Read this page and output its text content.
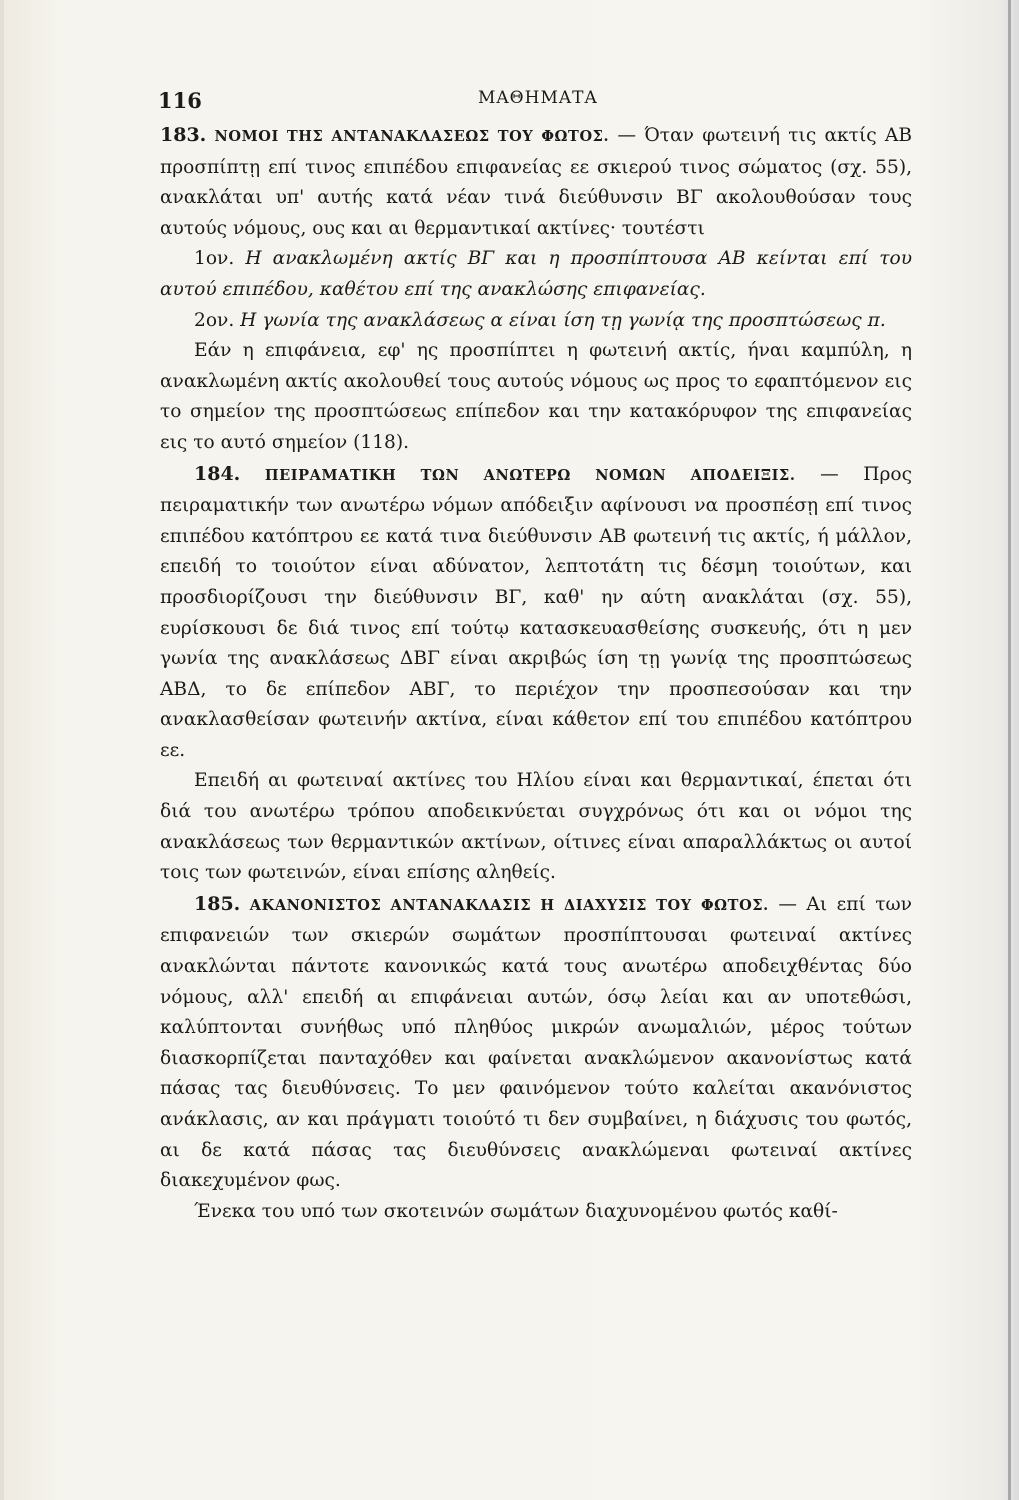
116	ΜΑΘΗΜΑΤΑ

183. ΝΟΜΟΙ ΤΗΣ ΑΝΤΑΝΑΚΛΑΣΕΩΣ ΤΟΥ ΦΩΤΟΣ. — Όταν φωτεινή τις ακτίς ΑΒ προσπίπτῃ επί τινος επιπέδου επιφανείας εε σκιερού τινος σώματος (σχ. 55), ανακλάται υπ' αυτής κατά νέαν τινά διεύθυνσιν ΒΓ ακολουθούσαν τους αυτούς νόμους, ους και αι θερμαντικαί ακτίνες· τουτέστι

1ον. Η ανακλωμένη ακτίς ΒΓ και η προσπίπτουσα ΑΒ κείνται επί του αυτού επιπέδου, καθέτου επί της ανακλώσης επιφανείας.

2ον. Η γωνία της ανακλάσεως α είναι ίση τῃ γωνίᾳ της προσπτώσεως π.

Εάν η επιφάνεια, εφ' ης προσπίπτει η φωτεινή ακτίς, ήναι καμπύλη, η ανακλωμένη ακτίς ακολουθεί τους αυτούς νόμους ως προς το εφαπτόμενον εις το σημείον της προσπτώσεως επίπεδον και την κατακόρυφον της επιφανείας εις το αυτό σημείον (118).

184. ΠΕΙΡΑΜΑΤΙΚΗ ΤΩΝ ΑΝΩΤΕΡΩ ΝΟΜΩΝ ΑΠΟΔΕΙΞΙΣ. — Προς πειραματικήν των ανωτέρω νόμων απόδειξιν αφίνουσι να προσπέσῃ επί τινος επιπέδου κατόπτρου εε κατά τινα διεύθυνσιν ΑΒ φωτεινή τις ακτίς, ή μάλλον, επειδή το τοιούτον είναι αδύνατον, λεπτοτάτη τις δέσμη τοιούτων, και προσδιορίζουσι την διεύθυνσιν ΒΓ, καθ' ην αύτη ανακλάται (σχ. 55), ευρίσκουσι δε διά τινος επί τούτῳ κατασκευασθείσης συσκευής, ότι η μεν γωνία της ανακλάσεως ΔΒΓ είναι ακριβώς ίση τῃ γωνίᾳ της προσπτώσεως ΑΒΔ, το δε επίπεδον ΑΒΓ, το περιέχον την προσπεσούσαν και την ανακλασθείσαν φωτεινήν ακτίνα, είναι κάθετον επί του επιπέδου κατόπτρου εε.

Επειδή αι φωτειναί ακτίνες του Ηλίου είναι και θερμαντικαί, έπεται ότι διά του ανωτέρω τρόπου αποδεικνύεται συγχρόνως ότι και οι νόμοι της ανακλάσεως των θερμαντικών ακτίνων, οίτινες είναι απαραλλάκτως οι αυτοί τοις των φωτεινών, είναι επίσης αληθείς.

185. ΑΚΑΝΟΝΙΣΤΟΣ ΑΝΤΑΝΑΚΛΑΣΙΣ Η ΔΙΑΧΥΣΙΣ ΤΟΥ ΦΩΤΟΣ. — Αι επί των επιφανειών των σκιερών σωμάτων προσπίπτουσαι φωτειναί ακτίνες ανακλώνται πάντοτε κανονικώς κατά τους ανωτέρω αποδειχθέντας δύο νόμους, αλλ' επειδή αι επιφάνειαι αυτών, όσῳ λείαι και αν υποτεθώσι, καλύπτονται συνήθως υπό πληθύος μικρών ανωμαλιών, μέρος τούτων διασκορπίζεται πανταχόθεν και φαίνεται ανακλώμενον ακανονίστως κατά πάσας τας διευθύνσεις. Το μεν φαινόμενον τούτο καλείται ακανόνιστος ανάκλασις, αν και πράγματι τοιούτό τι δεν συμβαίνει, η διάχυσις του φωτός, αι δε κατά πάσας τας διευθύνσεις ανακλώμεναι φωτειναί ακτίνες διακεχυμένον φως.

Ένεκα του υπό των σκοτεινών σωμάτων διαχυνομένου φωτός καθί-
